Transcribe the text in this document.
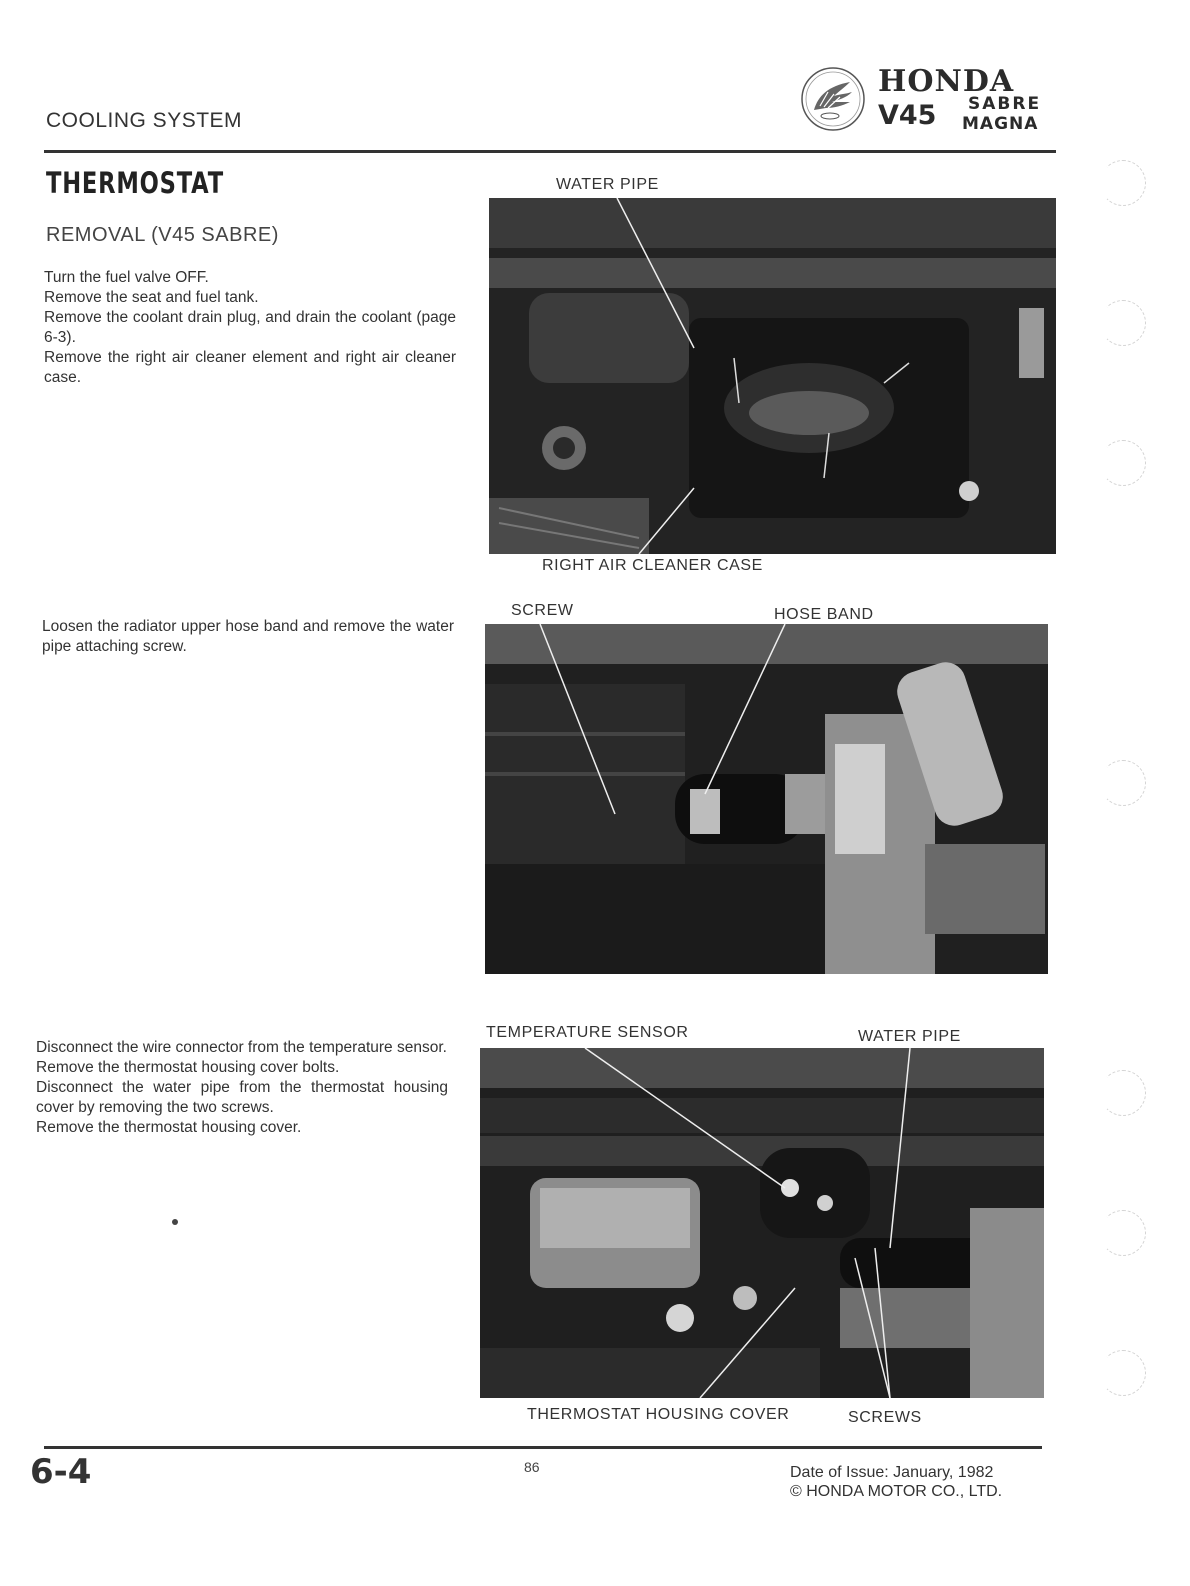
COOLING SYSTEM
HONDA
V45 SABRE
MAGNA
THERMOSTAT
REMOVAL (V45 SABRE)

Turn the fuel valve OFF.

Remove the seat and fuel tank.

Remove the coolant drain plug, and drain the coolant (page 6-3).

Remove the right air cleaner element and right air cleaner case.

WATER PIPE
RIGHT AIR CLEANER CASE

Loosen the radiator upper hose band and remove the water pipe attaching screw.

SCREW	HOSE BAND

Disconnect the wire connector from the temperature sensor.

Remove the thermostat housing cover bolts.

Disconnect the water pipe from the thermostat housing cover by removing the two screws.

Remove the thermostat housing cover.

TEMPERATURE SENSOR	WATER PIPE
THERMOSTAT HOUSING COVER	SCREWS
6-4	86	Date of Issue: January, 1982
© HONDA MOTOR CO., LTD.
